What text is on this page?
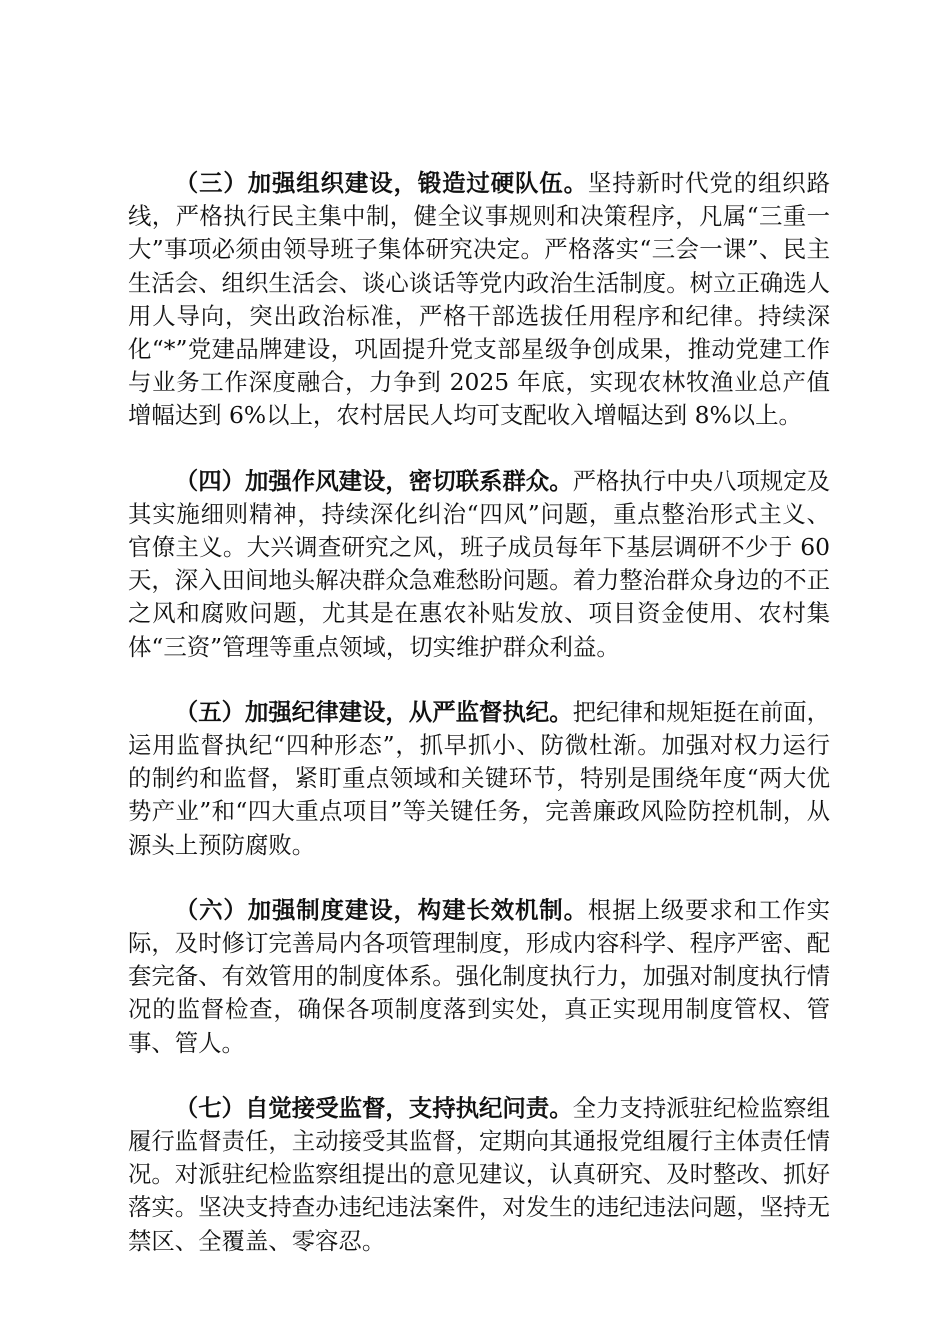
（三）加强组织建设，锻造过硬队伍。坚持新时代党的组织路线，严格执行民主集中制，健全议事规则和决策程序，凡属“三重一大”事项必须由领导班子集体研究决定。严格落实“三会一课”、民主生活会、组织生活会、谈心谈话等党内政治生活制度。树立正确选人用人导向，突出政治标准，严格干部选拔任用程序和纪律。持续深化“*”党建品牌建设，巩固提升党支部星级争创成果，推动党建工作与业务工作深度融合，力争到 2025 年底，实现农林牧渔业总产值增幅达到 6%以上，农村居民人均可支配收入增幅达到 8%以上。

（四）加强作风建设，密切联系群众。严格执行中央八项规定及其实施细则精神，持续深化纠治“四风”问题，重点整治形式主义、官僚主义。大兴调查研究之风，班子成员每年下基层调研不少于 60 天，深入田间地头解决群众急难愁盼问题。着力整治群众身边的不正之风和腐败问题，尤其是在惠农补贴发放、项目资金使用、农村集体“三资”管理等重点领域，切实维护群众利益。

（五）加强纪律建设，从严监督执纪。把纪律和规矩挺在前面，运用监督执纪“四种形态”，抓早抓小、防微杜渐。加强对权力运行的制约和监督，紧盯重点领域和关键环节，特别是围绕年度“两大优势产业”和“四大重点项目”等关键任务，完善廉政风险防控机制，从源头上预防腐败。

（六）加强制度建设，构建长效机制。根据上级要求和工作实际，及时修订完善局内各项管理制度，形成内容科学、程序严密、配套完备、有效管用的制度体系。强化制度执行力，加强对制度执行情况的监督检查，确保各项制度落到实处，真正实现用制度管权、管事、管人。

（七）自觉接受监督，支持执纪问责。全力支持派驻纪检监察组履行监督责任，主动接受其监督，定期向其通报党组履行主体责任情况。对派驻纪检监察组提出的意见建议，认真研究、及时整改、抓好落实。坚决支持查办违纪违法案件，对发生的违纪违法问题，坚持无禁区、全覆盖、零容忍。
